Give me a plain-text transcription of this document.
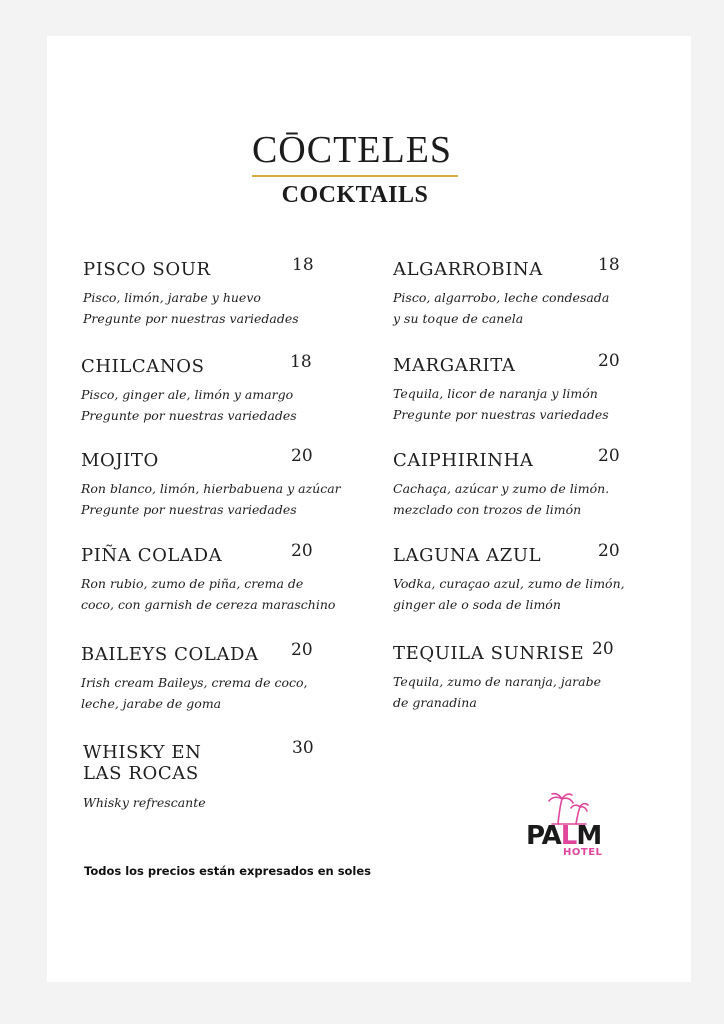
CŌCTELES
COCKTAILS
PISCO SOUR	18
Pisco, limón, jarabe y huevo
Pregunte por nuestras variedades
CHILCANOS	18
Pisco, ginger ale, limón y amargo
Pregunte por nuestras variedades
MOJITO	20
Ron blanco, limón, hierbabuena y azúcar
Pregunte por nuestras variedades
PIÑA COLADA	20
Ron rubio, zumo de piña, crema de
coco, con garnish de cereza maraschino
BAILEYS COLADA 20
Irish cream Baileys, crema de coco,
leche, jarabe de goma
WHISKY EN
LAS ROCAS
30
Whisky refrescante
ALGARROBINA	18
Pisco, algarrobo, leche condesada
y su toque de canela
MARGARITA	20
Tequila, licor de naranja y limón
Pregunte por nuestras variedades
CAIPHIRINHA	20
Cachaça, azúcar y zumo de limón.
mezclado con trozos de limón
LAGUNA AZUL	20
Vodka, curaçao azul, zumo de limón,
ginger ale o soda de limón
TEQUILA SUNRISE 20
Tequila, zumo de naranja, jarabe
de granadina
PALM
HOTEL
Todos los precios están expresados en soles
